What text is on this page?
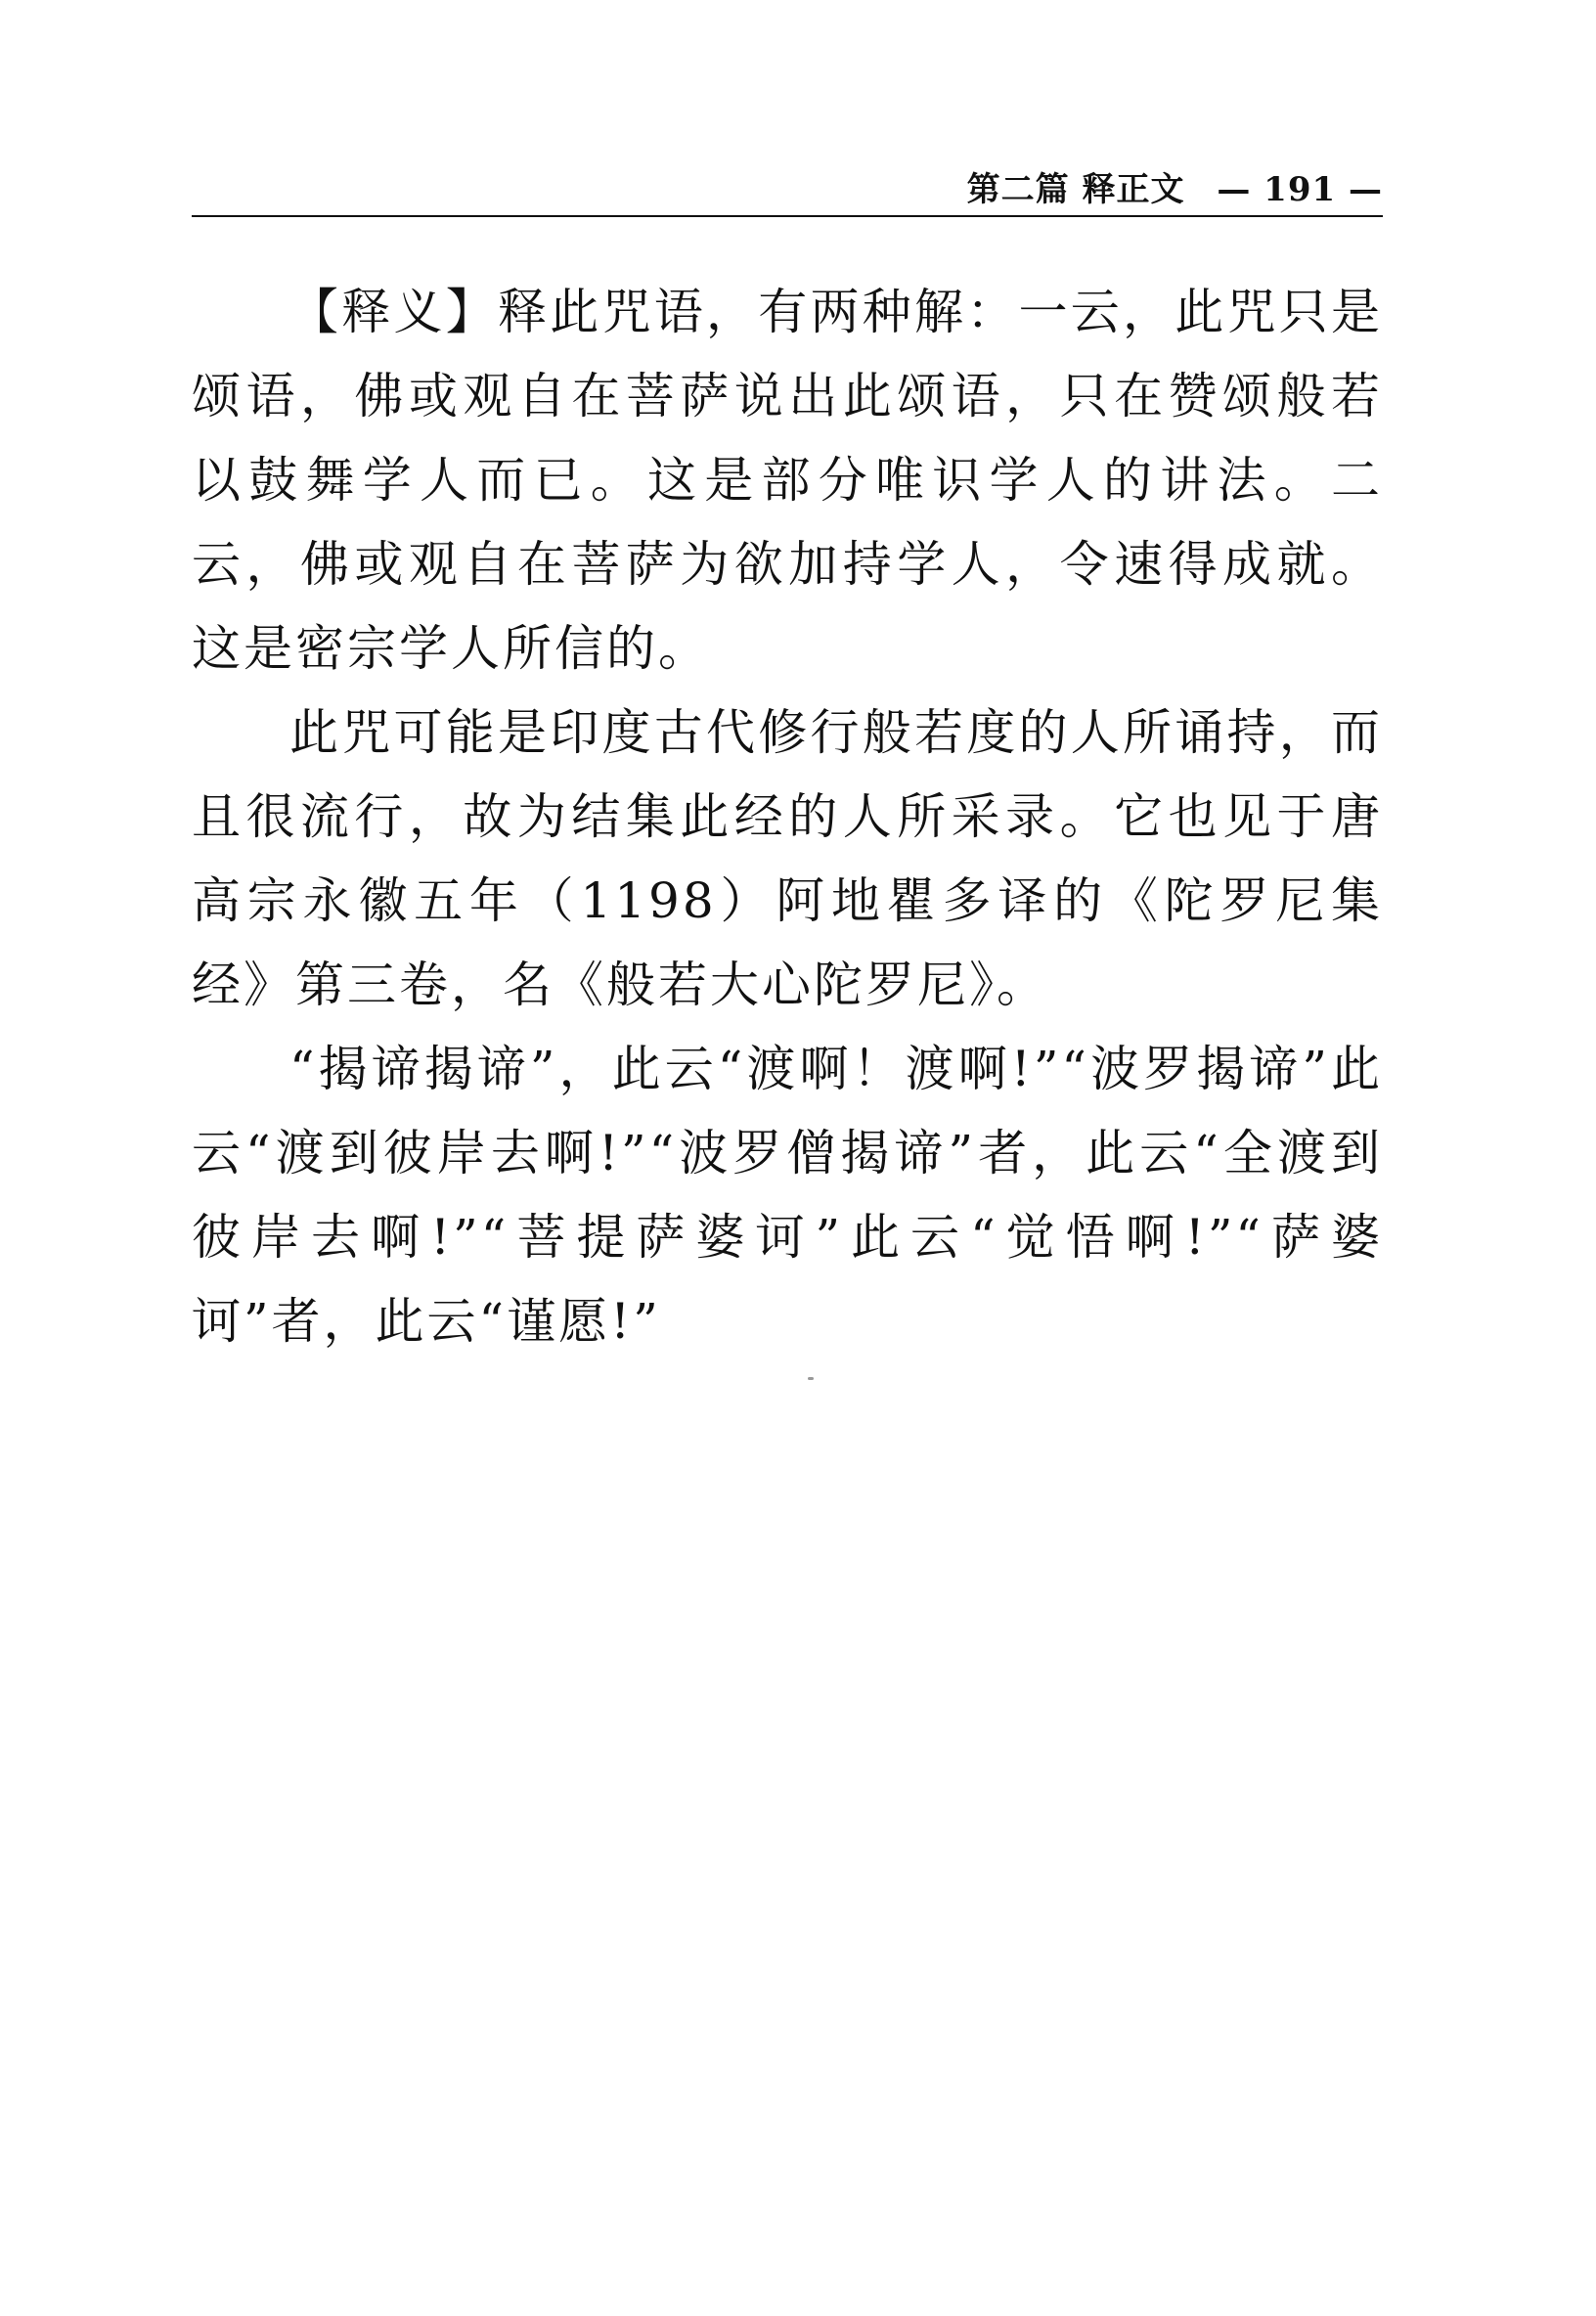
第二篇 释正文 — 191 —

【释义】释此咒语，有两种解：一云，此咒只是颂语，佛或观自在菩萨说出此颂语，只在赞颂般若以鼓舞学人而已。这是部分唯识学人的讲法。二云，佛或观自在菩萨为欲加持学人，令速得成就。这是密宗学人所信的。

此咒可能是印度古代修行般若度的人所诵持，而且很流行，故为结集此经的人所采录。它也见于唐高宗永徽五年（1198）阿地瞿多译的《陀罗尼集经》第三卷，名《般若大心陀罗尼》。

“揭谛揭谛”，此云“渡啊！渡啊!”“波罗揭谛”此云“渡到彼岸去啊!”“波罗僧揭谛”者，此云“全渡到彼岸去啊!”“菩提萨婆诃”此云“觉悟啊!”“萨婆诃”者，此云“谨愿!”
